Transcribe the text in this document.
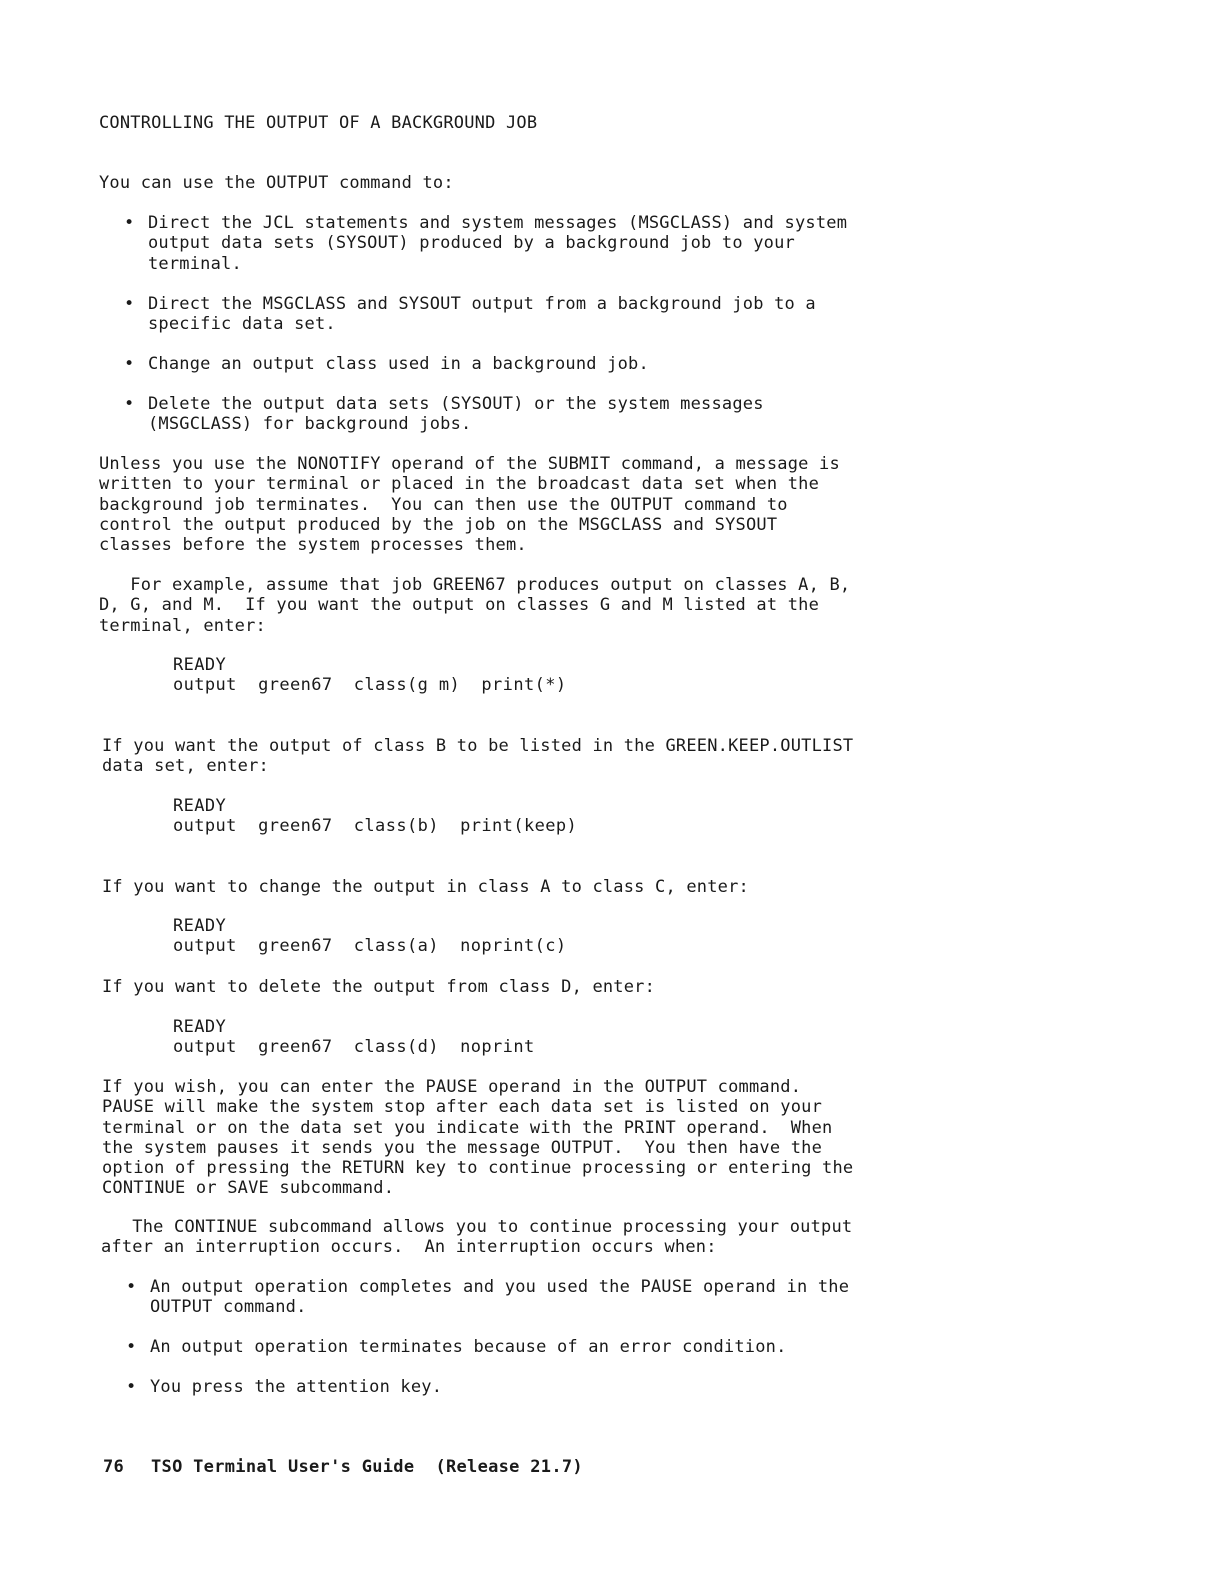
CONTROLLING THE OUTPUT OF A BACKGROUND JOB
You can use the OUTPUT command to:
• Direct the JCL statements and system messages (MSGCLASS) and system
output data sets (SYSOUT) produced by a background job to your
terminal.
• Direct the MSGCLASS and SYSOUT output from a background job to a
specific data set.
• Change an output class used in a background job.
• Delete the output data sets (SYSOUT) or the system messages
(MSGCLASS) for background jobs.
Unless you use the NONOTIFY operand of the SUBMIT command, a message is
written to your terminal or placed in the broadcast data set when the
background job terminates.  You can then use the OUTPUT command to
control the output produced by the job on the MSGCLASS and SYSOUT
classes before the system processes them.
For example, assume that job GREEN67 produces output on classes A, B,
D, G, and M.  If you want the output on classes G and M listed at the
terminal, enter:
READY
output  green67  class(g m)  print(*)
If you want the output of class B to be listed in the GREEN.KEEP.OUTLIST
data set, enter:
READY
output  green67  class(b)  print(keep)
If you want to change the output in class A to class C, enter:
READY
output  green67  class(a)  noprint(c)
If you want to delete the output from class D, enter:
READY
output  green67  class(d)  noprint
If you wish, you can enter the PAUSE operand in the OUTPUT command.
PAUSE will make the system stop after each data set is listed on your
terminal or on the data set you indicate with the PRINT operand.  When
the system pauses it sends you the message OUTPUT.  You then have the
option of pressing the RETURN key to continue processing or entering the
CONTINUE or SAVE subcommand.
The CONTINUE subcommand allows you to continue processing your output
after an interruption occurs.  An interruption occurs when:
• An output operation completes and you used the PAUSE operand in the
OUTPUT command.
• An output operation terminates because of an error condition.
• You press the attention key.
76 TSO Terminal User's Guide  (Release 21.7)
